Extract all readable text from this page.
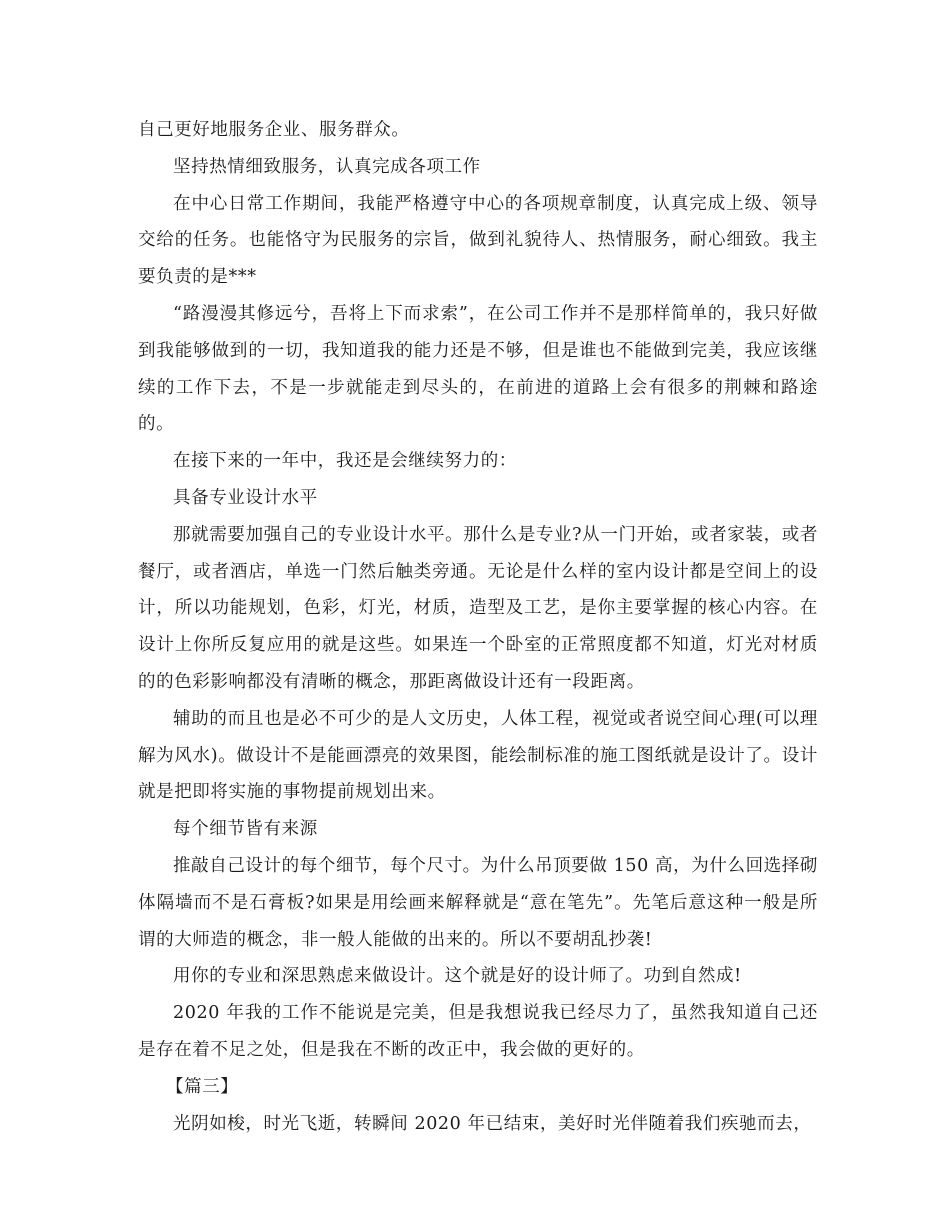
自己更好地服务企业、服务群众。

坚持热情细致服务，认真完成各项工作

在中心日常工作期间，我能严格遵守中心的各项规章制度，认真完成上级、领导交给的任务。也能恪守为民服务的宗旨，做到礼貌待人、热情服务，耐心细致。我主要负责的是***

“路漫漫其修远兮，吾将上下而求索”，在公司工作并不是那样简单的，我只好做到我能够做到的一切，我知道我的能力还是不够，但是谁也不能做到完美，我应该继续的工作下去，不是一步就能走到尽头的，在前进的道路上会有很多的荆棘和路途的。

在接下来的一年中，我还是会继续努力的：

具备专业设计水平

那就需要加强自己的专业设计水平。那什么是专业?从一门开始，或者家装，或者餐厅，或者酒店，单选一门然后触类旁通。无论是什么样的室内设计都是空间上的设计，所以功能规划，色彩，灯光，材质，造型及工艺，是你主要掌握的核心内容。在设计上你所反复应用的就是这些。如果连一个卧室的正常照度都不知道，灯光对材质的的色彩影响都没有清晰的概念，那距离做设计还有一段距离。

辅助的而且也是必不可少的是人文历史，人体工程，视觉或者说空间心理(可以理解为风水)。做设计不是能画漂亮的效果图，能绘制标准的施工图纸就是设计了。设计就是把即将实施的事物提前规划出来。

每个细节皆有来源

推敲自己设计的每个细节，每个尺寸。为什么吊顶要做 150 高，为什么回选择砌体隔墙而不是石膏板?如果是用绘画来解释就是“意在笔先”。先笔后意这种一般是所谓的大师造的概念，非一般人能做的出来的。所以不要胡乱抄袭!

用你的专业和深思熟虑来做设计。这个就是好的设计师了。功到自然成!

2020 年我的工作不能说是完美，但是我想说我已经尽力了，虽然我知道自己还是存在着不足之处，但是我在不断的改正中，我会做的更好的。

【篇三】

光阴如梭，时光飞逝，转瞬间 2020 年已结束，美好时光伴随着我们疾驰而去，
